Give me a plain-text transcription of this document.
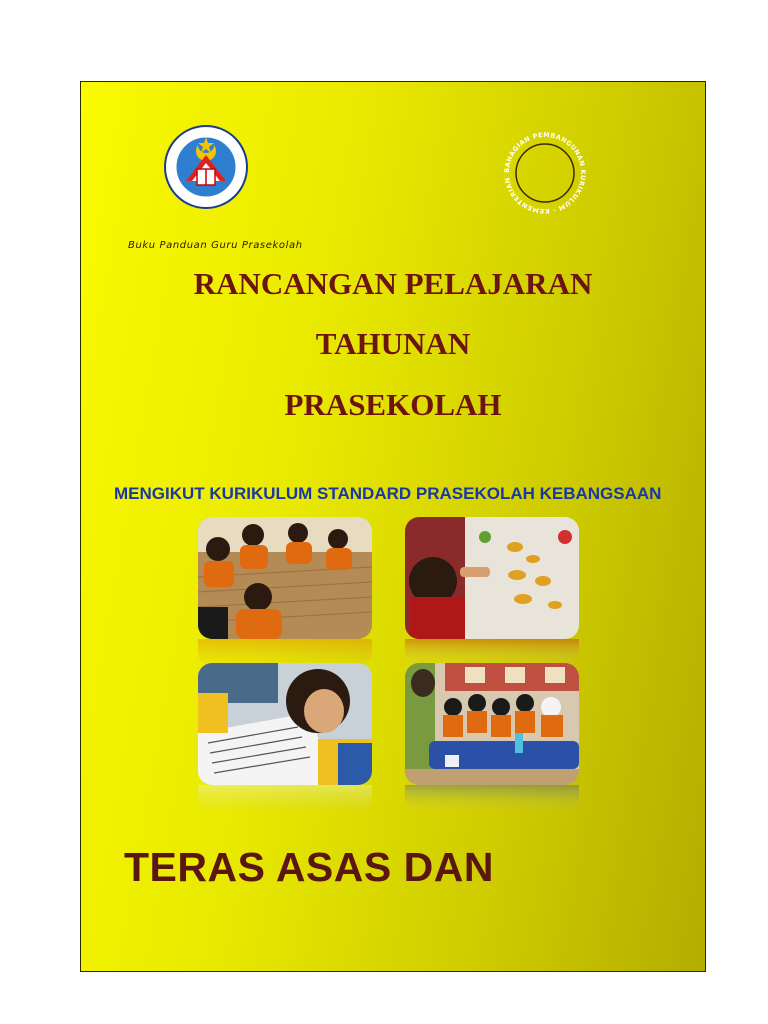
BAHAGIAN PEMBANGUNAN KURIKULUM · KEMENTERIAN
Buku Panduan Guru Prasekolah
RANCANGAN PELAJARAN
TAHUNAN
PRASEKOLAH
MENGIKUT KURIKULUM STANDARD PRASEKOLAH KEBANGSAAN
TERAS ASAS DAN
